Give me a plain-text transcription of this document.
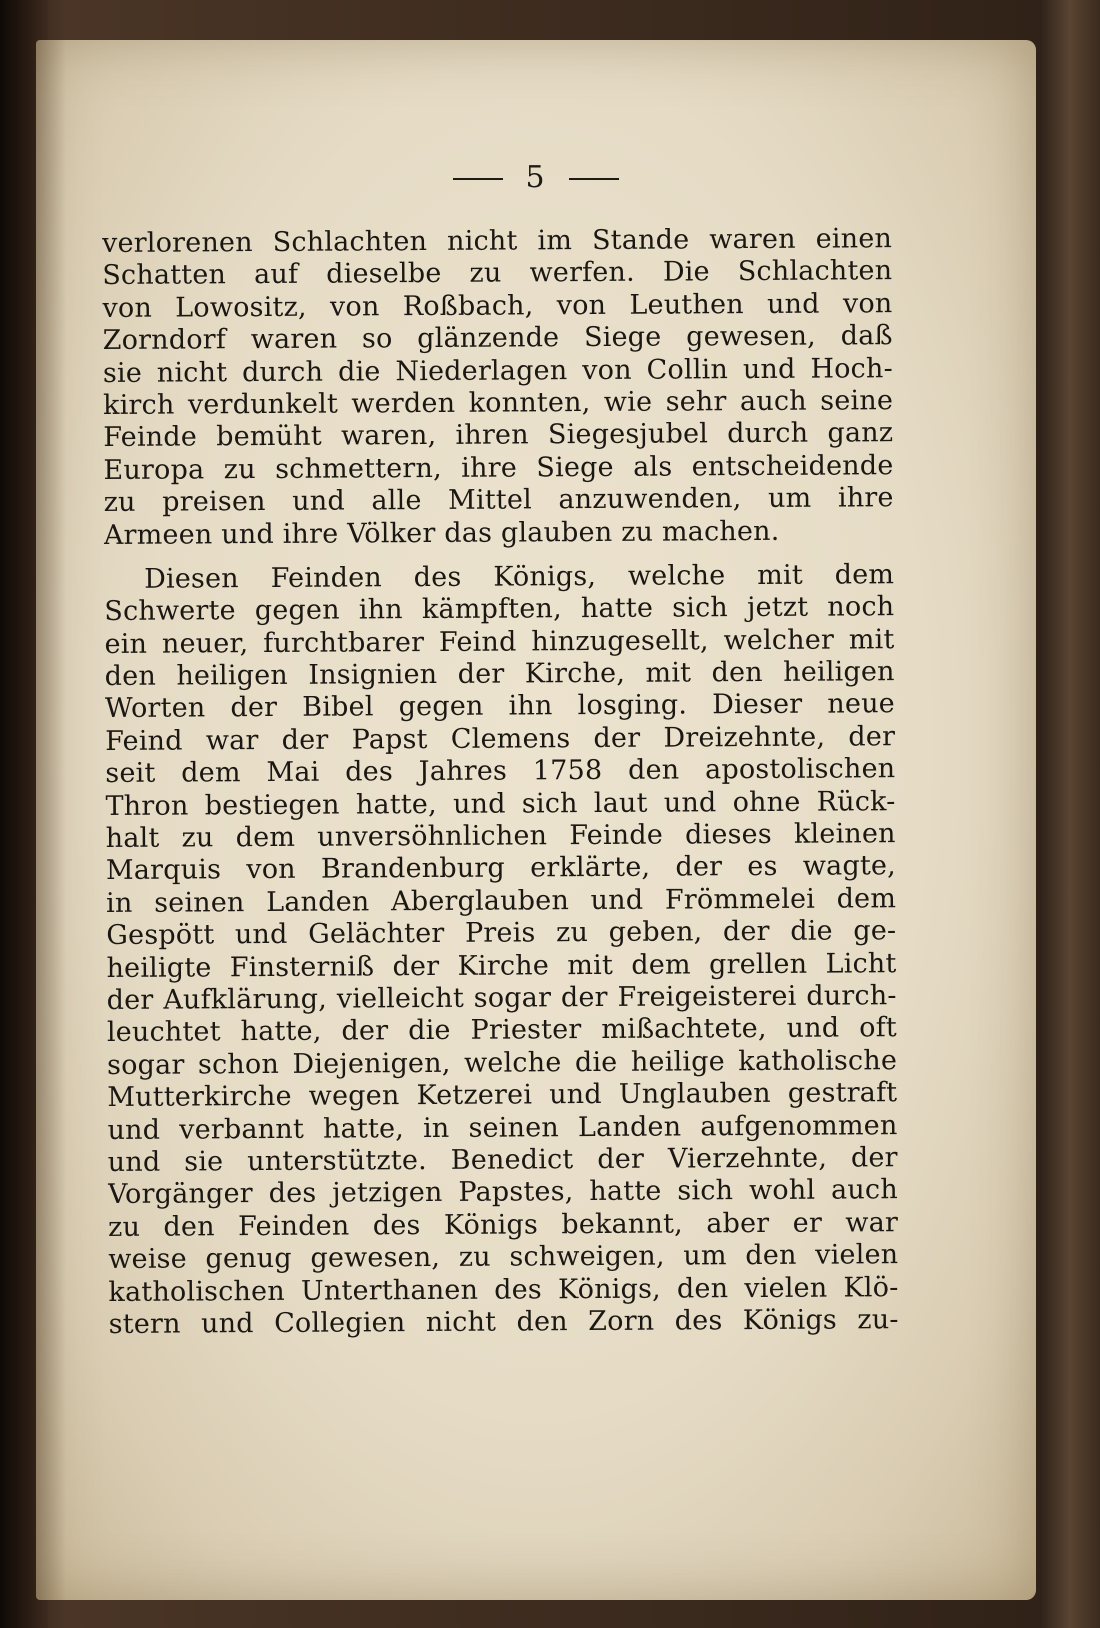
5
verlorenen Schlachten nicht im Stande waren einen
Schatten auf dieselbe zu werfen. Die Schlachten
von Lowositz, von Roßbach, von Leuthen und von
Zorndorf waren so glänzende Siege gewesen, daß
sie nicht durch die Niederlagen von Collin und Hoch-
kirch verdunkelt werden konnten, wie sehr auch seine
Feinde bemüht waren, ihren Siegesjubel durch ganz
Europa zu schmettern, ihre Siege als entscheidende
zu preisen und alle Mittel anzuwenden, um ihre
Armeen und ihre Völker das glauben zu machen.
Diesen Feinden des Königs, welche mit dem
Schwerte gegen ihn kämpften, hatte sich jetzt noch
ein neuer, furchtbarer Feind hinzugesellt, welcher mit
den heiligen Insignien der Kirche, mit den heiligen
Worten der Bibel gegen ihn losging. Dieser neue
Feind war der Papst Clemens der Dreizehnte, der
seit dem Mai des Jahres 1758 den apostolischen
Thron bestiegen hatte, und sich laut und ohne Rück-
halt zu dem unversöhnlichen Feinde dieses kleinen
Marquis von Brandenburg erklärte, der es wagte,
in seinen Landen Aberglauben und Frömmelei dem
Gespött und Gelächter Preis zu geben, der die ge-
heiligte Finsterniß der Kirche mit dem grellen Licht
der Aufklärung, vielleicht sogar der Freigeisterei durch-
leuchtet hatte, der die Priester mißachtete, und oft
sogar schon Diejenigen, welche die heilige katholische
Mutterkirche wegen Ketzerei und Unglauben gestraft
und verbannt hatte, in seinen Landen aufgenommen
und sie unterstützte. Benedict der Vierzehnte, der
Vorgänger des jetzigen Papstes, hatte sich wohl auch
zu den Feinden des Königs bekannt, aber er war
weise genug gewesen, zu schweigen, um den vielen
katholischen Unterthanen des Königs, den vielen Klö-
stern und Collegien nicht den Zorn des Königs zu-
